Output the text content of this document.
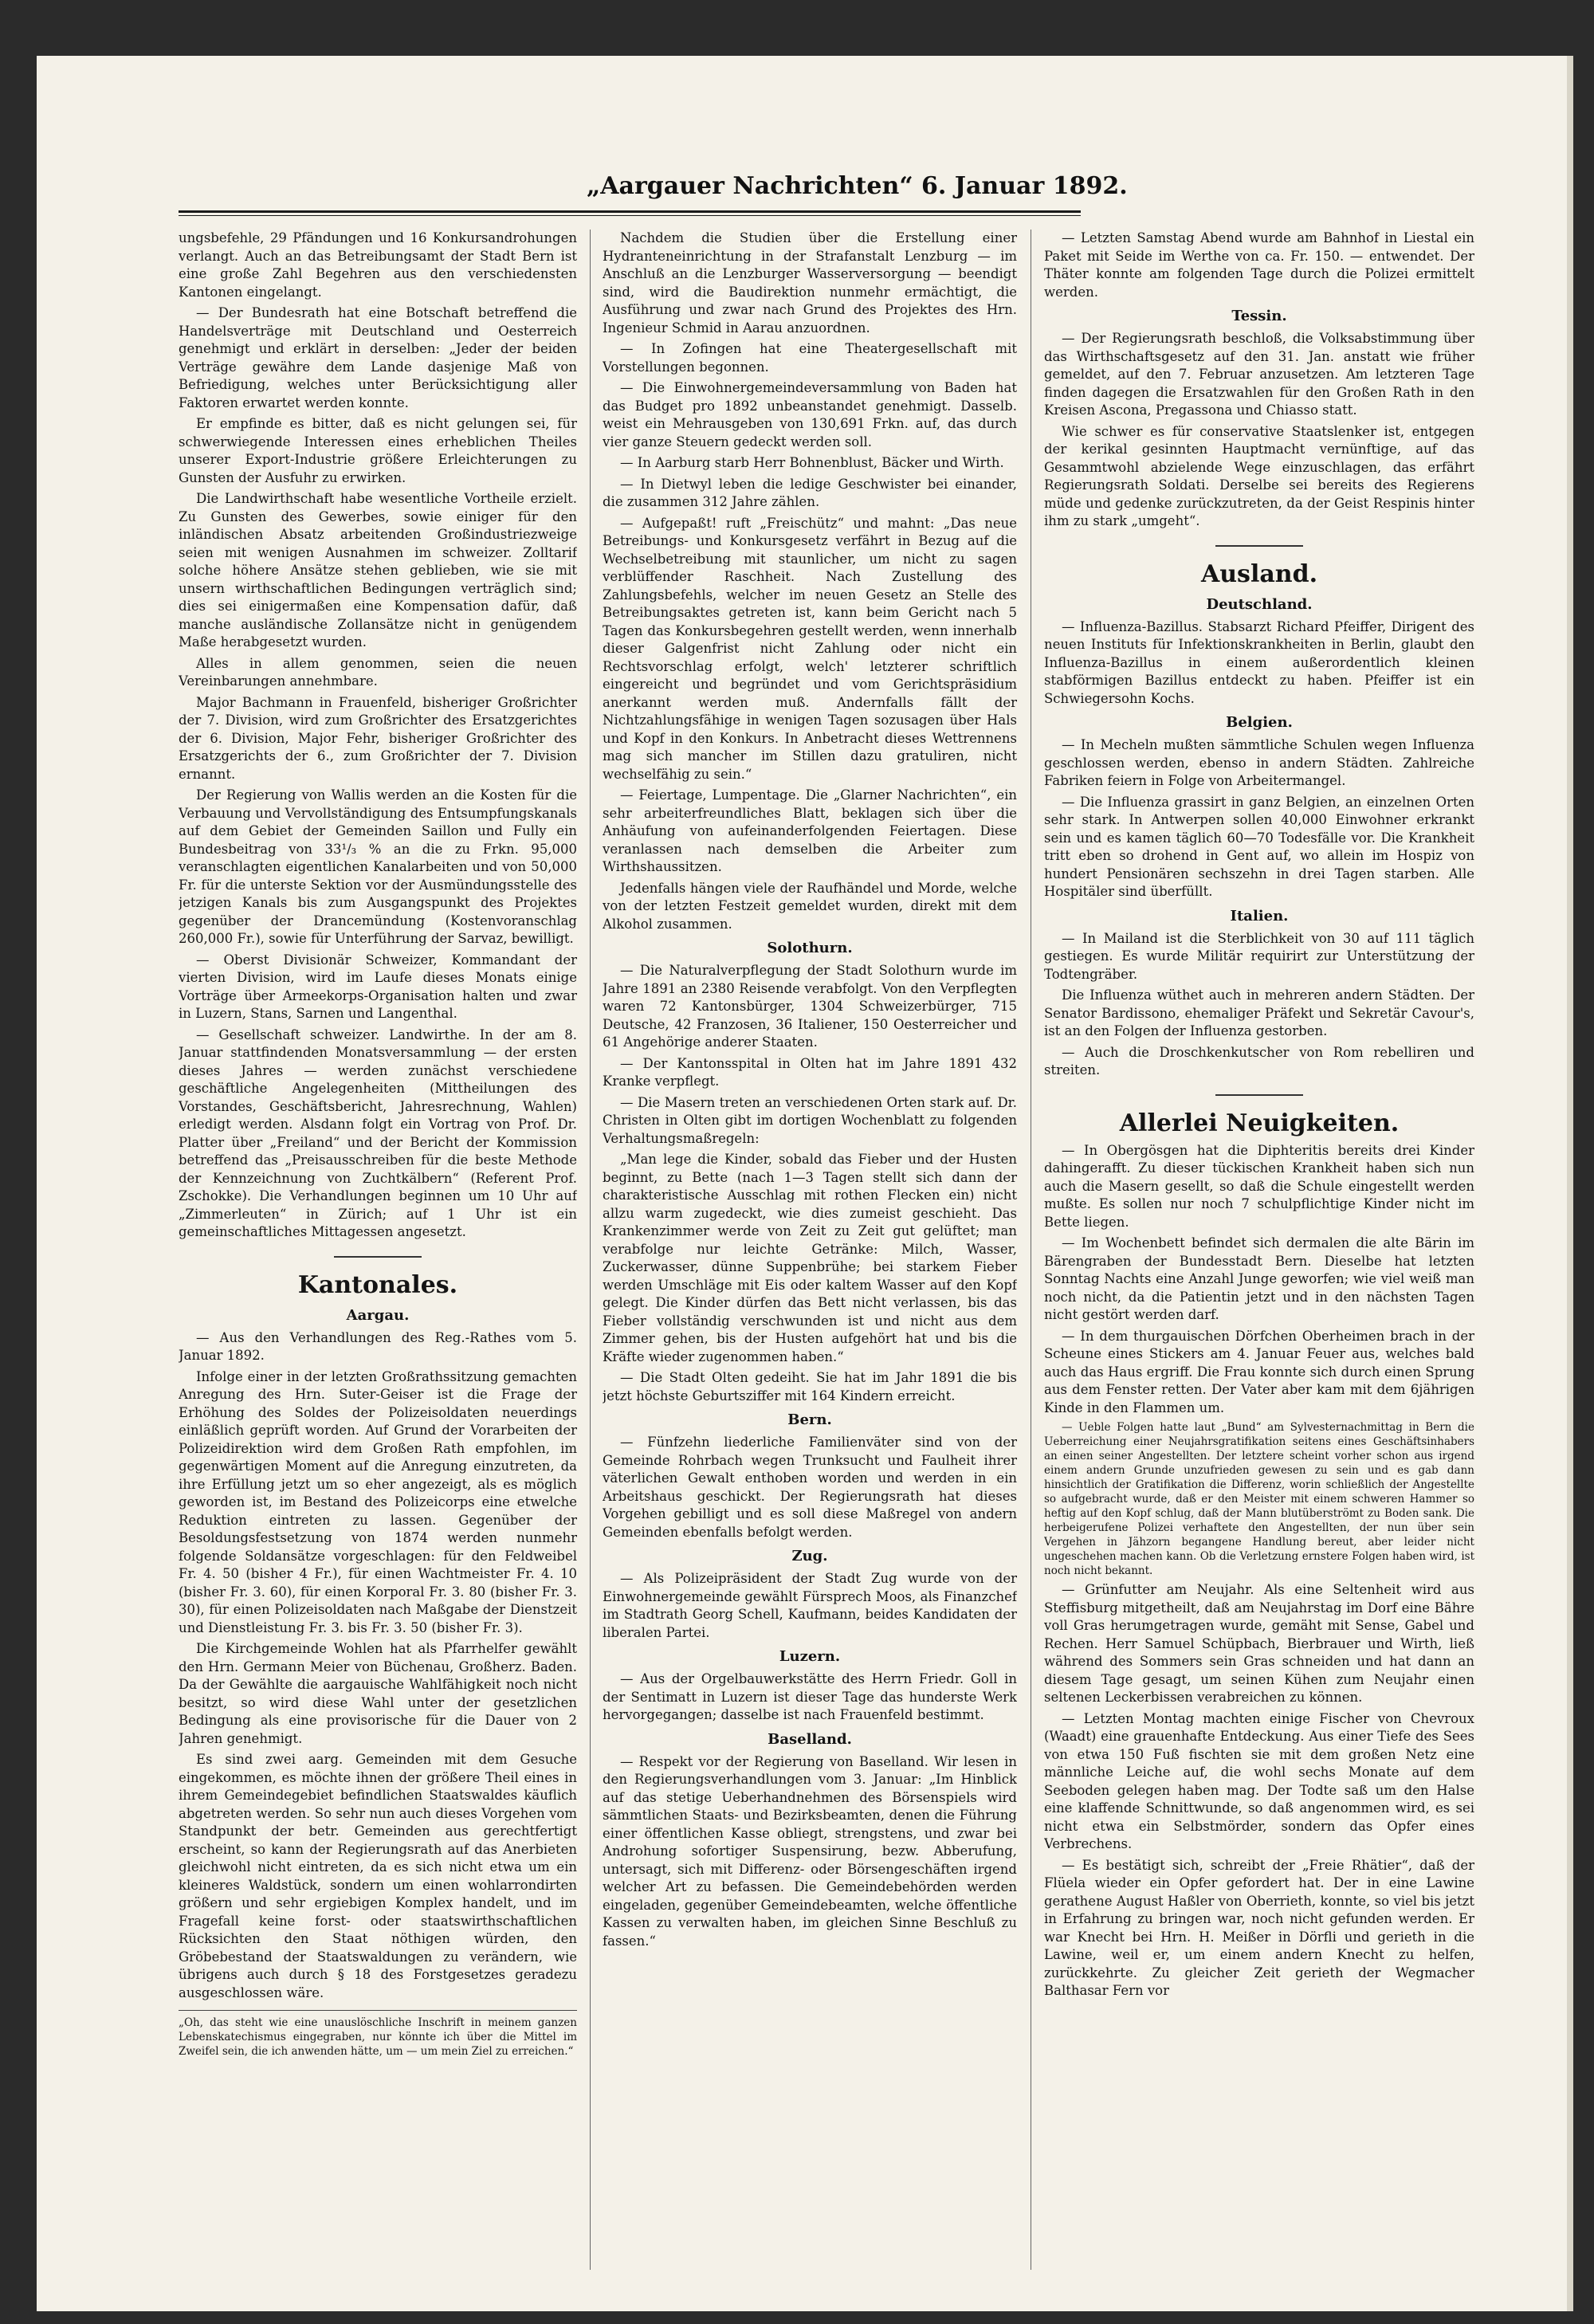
„Aargauer Nachrichten“ 6. Januar 1892.

ungsbefehle, 29 Pfändungen und 16 Konkursandrohungen verlangt. Auch an das Betreibungsamt der Stadt Bern ist eine große Zahl Begehren aus den verschiedensten Kantonen eingelangt.

— Der Bundesrath hat eine Botschaft betreffend die Handelsverträge mit Deutschland und Oesterreich genehmigt und erklärt in derselben: „Jeder der beiden Verträge gewähre dem Lande dasjenige Maß von Befriedigung, welches unter Berücksichtigung aller Faktoren erwartet werden konnte.

Er empfinde es bitter, daß es nicht gelungen sei, für schwerwiegende Interessen eines erheblichen Theiles unserer Export-Industrie größere Erleichterungen zu Gunsten der Ausfuhr zu erwirken.

Die Landwirthschaft habe wesentliche Vortheile erzielt. Zu Gunsten des Gewerbes, sowie einiger für den inländischen Absatz arbeitenden Großindustriezweige seien mit wenigen Ausnahmen im schweizer. Zolltarif solche höhere Ansätze stehen geblieben, wie sie mit unsern wirthschaftlichen Bedingungen verträglich sind; dies sei einigermaßen eine Kompensation dafür, daß manche ausländische Zollansätze nicht in genügendem Maße herabgesetzt wurden.

Alles in allem genommen, seien die neuen Vereinbarungen annehmbare.

Major Bachmann in Frauenfeld, bisheriger Großrichter der 7. Division, wird zum Großrichter des Ersatzgerichtes der 6. Division, Major Fehr, bisheriger Großrichter des Ersatzgerichts der 6., zum Großrichter der 7. Division ernannt.

Der Regierung von Wallis werden an die Kosten für die Verbauung und Vervollständigung des Entsumpfungskanals auf dem Gebiet der Gemeinden Saillon und Fully ein Bundesbeitrag von 33¹/₃ % an die zu Frkn. 95,000 veranschlagten eigentlichen Kanalarbeiten und von 50,000 Fr. für die unterste Sektion vor der Ausmündungsstelle des jetzigen Kanals bis zum Ausgangspunkt des Projektes gegenüber der Drancemündung (Kostenvoranschlag 260,000 Fr.), sowie für Unterführung der Sarvaz, bewilligt.

— Oberst Divisionär Schweizer, Kommandant der vierten Division, wird im Laufe dieses Monats einige Vorträge über Armeekorps-Organisation halten und zwar in Luzern, Stans, Sarnen und Langenthal.

— Gesellschaft schweizer. Landwirthe. In der am 8. Januar stattfindenden Monatsversammlung — der ersten dieses Jahres — werden zunächst verschiedene geschäftliche Angelegenheiten (Mittheilungen des Vorstandes, Geschäftsbericht, Jahresrechnung, Wahlen) erledigt werden. Alsdann folgt ein Vortrag von Prof. Dr. Platter über „Freiland“ und der Bericht der Kommission betreffend das „Preisausschreiben für die beste Methode der Kennzeichnung von Zuchtkälbern“ (Referent Prof. Zschokke). Die Verhandlungen beginnen um 10 Uhr auf „Zimmerleuten“ in Zürich; auf 1 Uhr ist ein gemeinschaftliches Mittagessen angesetzt.

Kantonales.
Aargau.

— Aus den Verhandlungen des Reg.-Rathes vom 5. Januar 1892.

Infolge einer in der letzten Großrathssitzung gemachten Anregung des Hrn. Suter-Geiser ist die Frage der Erhöhung des Soldes der Polizeisoldaten neuerdings einläßlich geprüft worden. Auf Grund der Vorarbeiten der Polizeidirektion wird dem Großen Rath empfohlen, im gegenwärtigen Moment auf die Anregung einzutreten, da ihre Erfüllung jetzt um so eher angezeigt, als es möglich geworden ist, im Bestand des Polizeicorps eine etwelche Reduktion eintreten zu lassen. Gegenüber der Besoldungsfestsetzung von 1874 werden nunmehr folgende Soldansätze vorgeschlagen: für den Feldweibel Fr. 4. 50 (bisher 4 Fr.), für einen Wachtmeister Fr. 4. 10 (bisher Fr. 3. 60), für einen Korporal Fr. 3. 80 (bisher Fr. 3. 30), für einen Polizeisoldaten nach Maßgabe der Dienstzeit und Dienstleistung Fr. 3. bis Fr. 3. 50 (bisher Fr. 3).

Die Kirchgemeinde Wohlen hat als Pfarrhelfer gewählt den Hrn. Germann Meier von Büchenau, Großherz. Baden. Da der Gewählte die aargauische Wahlfähigkeit noch nicht besitzt, so wird diese Wahl unter der gesetzlichen Bedingung als eine provisorische für die Dauer von 2 Jahren genehmigt.

Es sind zwei aarg. Gemeinden mit dem Gesuche eingekommen, es möchte ihnen der größere Theil eines in ihrem Gemeindegebiet befindlichen Staatswaldes käuflich abgetreten werden. So sehr nun auch dieses Vorgehen vom Standpunkt der betr. Gemeinden aus gerechtfertigt erscheint, so kann der Regierungsrath auf das Anerbieten gleichwohl nicht eintreten, da es sich nicht etwa um ein kleineres Waldstück, sondern um einen wohlarrondirten größern und sehr ergiebigen Komplex handelt, und im Fragefall keine forst- oder staatswirthschaftlichen Rücksichten den Staat nöthigen würden, den Gröbebestand der Staatswaldungen zu verändern, wie übrigens auch durch § 18 des Forstgesetzes geradezu ausgeschlossen wäre.

„Oh, das steht wie eine unauslöschliche Inschrift in meinem ganzen Lebenskatechismus eingegraben, nur könnte ich über die Mittel im Zweifel sein, die ich anwenden hätte, um — um mein Ziel zu erreichen.“

Nachdem die Studien über die Erstellung einer Hydranteneinrichtung in der Strafanstalt Lenzburg — im Anschluß an die Lenzburger Wasserversorgung — beendigt sind, wird die Baudirektion nunmehr ermächtigt, die Ausführung und zwar nach Grund des Projektes des Hrn. Ingenieur Schmid in Aarau anzuordnen.

— In Zofingen hat eine Theatergesellschaft mit Vorstellungen begonnen.

— Die Einwohnergemeindeversammlung von Baden hat das Budget pro 1892 unbeanstandet genehmigt. Dasselb. weist ein Mehrausgeben von 130,691 Frkn. auf, das durch vier ganze Steuern gedeckt werden soll.

— In Aarburg starb Herr Bohnenblust, Bäcker und Wirth.

— In Dietwyl leben die ledige Geschwister bei einander, die zusammen 312 Jahre zählen.

— Aufgepaßt! ruft „Freischütz“ und mahnt: „Das neue Betreibungs- und Konkursgesetz verfährt in Bezug auf die Wechselbetreibung mit staunlicher, um nicht zu sagen verblüffender Raschheit. Nach Zustellung des Zahlungsbefehls, welcher im neuen Gesetz an Stelle des Betreibungsaktes getreten ist, kann beim Gericht nach 5 Tagen das Konkursbegehren gestellt werden, wenn innerhalb dieser Galgenfrist nicht Zahlung oder nicht ein Rechtsvorschlag erfolgt, welch' letzterer schriftlich eingereicht und begründet und vom Gerichtspräsidium anerkannt werden muß. Andernfalls fällt der Nichtzahlungsfähige in wenigen Tagen sozusagen über Hals und Kopf in den Konkurs. In Anbetracht dieses Wettrennens mag sich mancher im Stillen dazu gratuliren, nicht wechselfähig zu sein.“

— Feiertage, Lumpentage. Die „Glarner Nachrichten“, ein sehr arbeiterfreundliches Blatt, beklagen sich über die Anhäufung von aufeinanderfolgenden Feiertagen. Diese veranlassen nach demselben die Arbeiter zum Wirthshaussitzen.

Jedenfalls hängen viele der Raufhändel und Morde, welche von der letzten Festzeit gemeldet wurden, direkt mit dem Alkohol zusammen.

Solothurn.

— Die Naturalverpflegung der Stadt Solothurn wurde im Jahre 1891 an 2380 Reisende verabfolgt. Von den Verpflegten waren 72 Kantonsbürger, 1304 Schweizerbürger, 715 Deutsche, 42 Franzosen, 36 Italiener, 150 Oesterreicher und 61 Angehörige anderer Staaten.

— Der Kantonsspital in Olten hat im Jahre 1891 432 Kranke verpflegt.

— Die Masern treten an verschiedenen Orten stark auf. Dr. Christen in Olten gibt im dortigen Wochenblatt zu folgenden Verhaltungsmaßregeln:

„Man lege die Kinder, sobald das Fieber und der Husten beginnt, zu Bette (nach 1—3 Tagen stellt sich dann der charakteristische Ausschlag mit rothen Flecken ein) nicht allzu warm zugedeckt, wie dies zumeist geschieht. Das Krankenzimmer werde von Zeit zu Zeit gut gelüftet; man verabfolge nur leichte Getränke: Milch, Wasser, Zuckerwasser, dünne Suppenbrühe; bei starkem Fieber werden Umschläge mit Eis oder kaltem Wasser auf den Kopf gelegt. Die Kinder dürfen das Bett nicht verlassen, bis das Fieber vollständig verschwunden ist und nicht aus dem Zimmer gehen, bis der Husten aufgehört hat und bis die Kräfte wieder zugenommen haben.“

— Die Stadt Olten gedeiht. Sie hat im Jahr 1891 die bis jetzt höchste Geburtsziffer mit 164 Kindern erreicht.

Bern.

— Fünfzehn liederliche Familienväter sind von der Gemeinde Rohrbach wegen Trunksucht und Faulheit ihrer väterlichen Gewalt enthoben worden und werden in ein Arbeitshaus geschickt. Der Regierungsrath hat dieses Vorgehen gebilligt und es soll diese Maßregel von andern Gemeinden ebenfalls befolgt werden.

Zug.

— Als Polizeipräsident der Stadt Zug wurde von der Einwohnergemeinde gewählt Fürsprech Moos, als Finanzchef im Stadtrath Georg Schell, Kaufmann, beides Kandidaten der liberalen Partei.

Luzern.

— Aus der Orgelbauwerkstätte des Herrn Friedr. Goll in der Sentimatt in Luzern ist dieser Tage das hunderste Werk hervorgegangen; dasselbe ist nach Frauenfeld bestimmt.

Baselland.

— Respekt vor der Regierung von Baselland. Wir lesen in den Regierungsverhandlungen vom 3. Januar: „Im Hinblick auf das stetige Ueberhandnehmen des Börsenspiels wird sämmtlichen Staats- und Bezirksbeamten, denen die Führung einer öffentlichen Kasse obliegt, strengstens, und zwar bei Androhung sofortiger Suspensirung, bezw. Abberufung, untersagt, sich mit Differenz- oder Börsengeschäften irgend welcher Art zu befassen. Die Gemeindebehörden werden eingeladen, gegenüber Gemeindebeamten, welche öffentliche Kassen zu verwalten haben, im gleichen Sinne Beschluß zu fassen.“

— Letzten Samstag Abend wurde am Bahnhof in Liestal ein Paket mit Seide im Werthe von ca. Fr. 150. — entwendet. Der Thäter konnte am folgenden Tage durch die Polizei ermittelt werden.

Tessin.

— Der Regierungsrath beschloß, die Volksabstimmung über das Wirthschaftsgesetz auf den 31. Jan. anstatt wie früher gemeldet, auf den 7. Februar anzusetzen. Am letzteren Tage finden dagegen die Ersatzwahlen für den Großen Rath in den Kreisen Ascona, Pregassona und Chiasso statt.

Wie schwer es für conservative Staatslenker ist, entgegen der kerikal gesinnten Hauptmacht vernünftige, auf das Gesammtwohl abzielende Wege einzuschlagen, das erfährt Regierungsrath Soldati. Derselbe sei bereits des Regierens müde und gedenke zurückzutreten, da der Geist Respinis hinter ihm zu stark „umgeht“.

Ausland.
Deutschland.

— Influenza-Bazillus. Stabsarzt Richard Pfeiffer, Dirigent des neuen Instituts für Infektionskrankheiten in Berlin, glaubt den Influenza-Bazillus in einem außerordentlich kleinen stabförmigen Bazillus entdeckt zu haben. Pfeiffer ist ein Schwiegersohn Kochs.

Belgien.

— In Mecheln mußten sämmtliche Schulen wegen Influenza geschlossen werden, ebenso in andern Städten. Zahlreiche Fabriken feiern in Folge von Arbeitermangel.

— Die Influenza grassirt in ganz Belgien, an einzelnen Orten sehr stark. In Antwerpen sollen 40,000 Einwohner erkrankt sein und es kamen täglich 60—70 Todesfälle vor. Die Krankheit tritt eben so drohend in Gent auf, wo allein im Hospiz von hundert Pensionären sechszehn in drei Tagen starben. Alle Hospitäler sind überfüllt.

Italien.

— In Mailand ist die Sterblichkeit von 30 auf 111 täglich gestiegen. Es wurde Militär requirirt zur Unterstützung der Todtengräber.

Die Influenza wüthet auch in mehreren andern Städten. Der Senator Bardissono, ehemaliger Präfekt und Sekretär Cavour's, ist an den Folgen der Influenza gestorben.

— Auch die Droschkenkutscher von Rom rebelliren und streiten.

Allerlei Neuigkeiten.

— In Obergösgen hat die Diphteritis bereits drei Kinder dahingerafft. Zu dieser tückischen Krankheit haben sich nun auch die Masern gesellt, so daß die Schule eingestellt werden mußte. Es sollen nur noch 7 schulpflichtige Kinder nicht im Bette liegen.

— Im Wochenbett befindet sich dermalen die alte Bärin im Bärengraben der Bundesstadt Bern. Dieselbe hat letzten Sonntag Nachts eine Anzahl Junge geworfen; wie viel weiß man noch nicht, da die Patientin jetzt und in den nächsten Tagen nicht gestört werden darf.

— In dem thurgauischen Dörfchen Oberheimen brach in der Scheune eines Stickers am 4. Januar Feuer aus, welches bald auch das Haus ergriff. Die Frau konnte sich durch einen Sprung aus dem Fenster retten. Der Vater aber kam mit dem 6jährigen Kinde in den Flammen um.

— Ueble Folgen hatte laut „Bund“ am Sylvesternachmittag in Bern die Ueberreichung einer Neujahrsgratifikation seitens eines Geschäftsinhabers an einen seiner Angestellten. Der letztere scheint vorher schon aus irgend einem andern Grunde unzufrieden gewesen zu sein und es gab dann hinsichtlich der Gratifikation die Differenz, worin schließlich der Angestellte so aufgebracht wurde, daß er den Meister mit einem schweren Hammer so heftig auf den Kopf schlug, daß der Mann blutüberströmt zu Boden sank. Die herbeigerufene Polizei verhaftete den Angestellten, der nun über sein Vergehen in Jähzorn begangene Handlung bereut, aber leider nicht ungeschehen machen kann. Ob die Verletzung ernstere Folgen haben wird, ist noch nicht bekannt.

— Grünfutter am Neujahr. Als eine Seltenheit wird aus Steffisburg mitgetheilt, daß am Neujahrstag im Dorf eine Bähre voll Gras herumgetragen wurde, gemäht mit Sense, Gabel und Rechen. Herr Samuel Schüpbach, Bierbrauer und Wirth, ließ während des Sommers sein Gras schneiden und hat dann an diesem Tage gesagt, um seinen Kühen zum Neujahr einen seltenen Leckerbissen verabreichen zu können.

— Letzten Montag machten einige Fischer von Chevroux (Waadt) eine grauenhafte Entdeckung. Aus einer Tiefe des Sees von etwa 150 Fuß fischten sie mit dem großen Netz eine männliche Leiche auf, die wohl sechs Monate auf dem Seeboden gelegen haben mag. Der Todte saß um den Halse eine klaffende Schnittwunde, so daß angenommen wird, es sei nicht etwa ein Selbstmörder, sondern das Opfer eines Verbrechens.

— Es bestätigt sich, schreibt der „Freie Rhätier“, daß der Flüela wieder ein Opfer gefordert hat. Der in eine Lawine gerathene August Haßler von Oberrieth, konnte, so viel bis jetzt in Erfahrung zu bringen war, noch nicht gefunden werden. Er war Knecht bei Hrn. H. Meißer in Dörfli und gerieth in die Lawine, weil er, um einem andern Knecht zu helfen, zurückkehrte. Zu gleicher Zeit gerieth der Wegmacher Balthasar Fern vor
